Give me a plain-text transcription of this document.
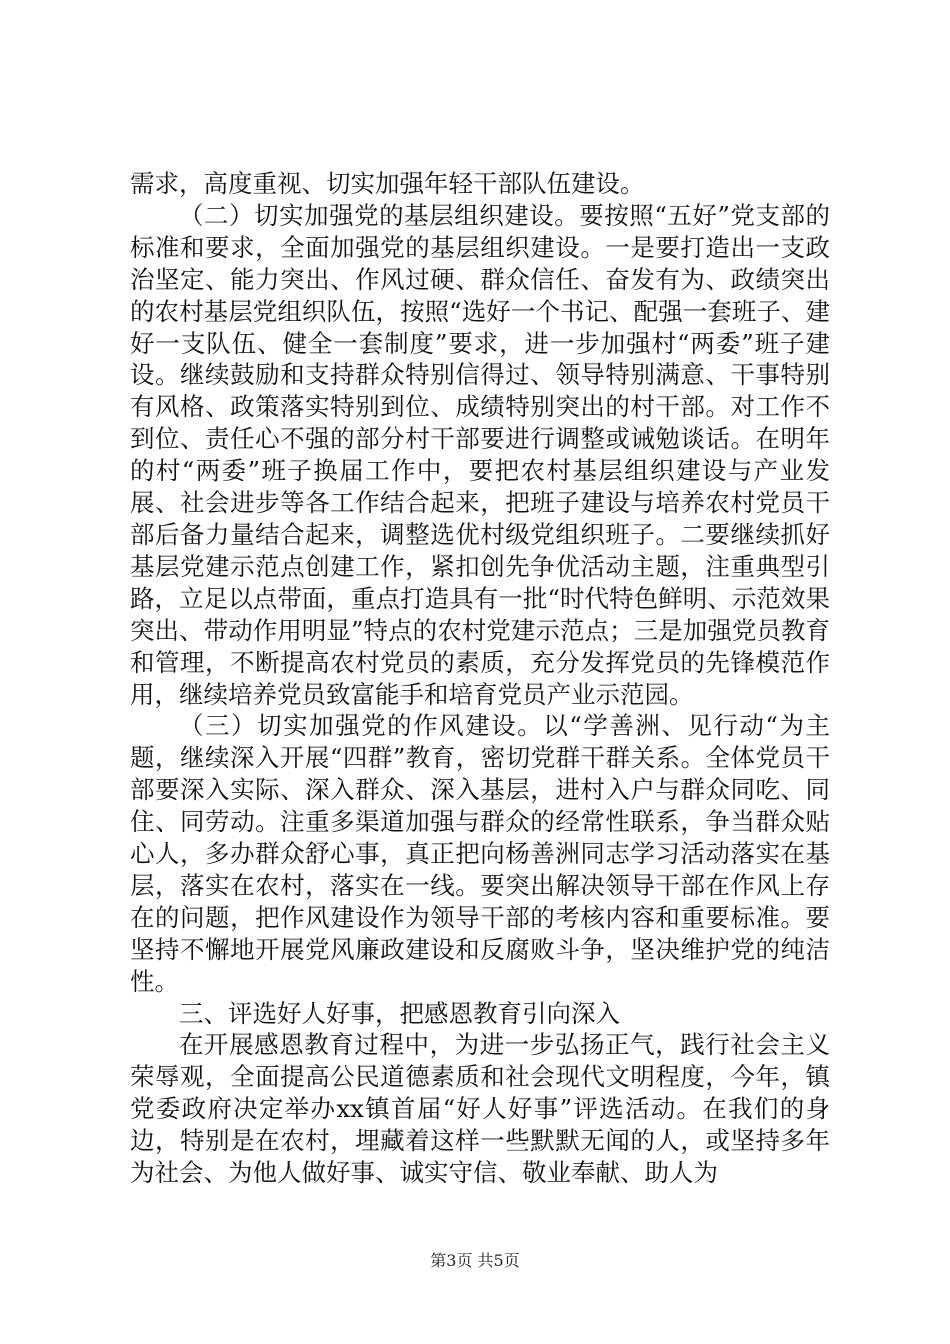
需求，高度重视、切实加强年轻干部队伍建设。

（二）切实加强党的基层组织建设。要按照“五好”党支部的标准和要求，全面加强党的基层组织建设。一是要打造出一支政治坚定、能力突出、作风过硬、群众信任、奋发有为、政绩突出的农村基层党组织队伍，按照“选好一个书记、配强一套班子、建好一支队伍、健全一套制度”要求，进一步加强村“两委”班子建设。继续鼓励和支持群众特别信得过、领导特别满意、干事特别有风格、政策落实特别到位、成绩特别突出的村干部。对工作不到位、责任心不强的部分村干部要进行调整或诫勉谈话。在明年的村“两委”班子换届工作中，要把农村基层组织建设与产业发展、社会进步等各工作结合起来，把班子建设与培养农村党员干部后备力量结合起来，调整选优村级党组织班子。二要继续抓好基层党建示范点创建工作，紧扣创先争优活动主题，注重典型引路，立足以点带面，重点打造具有一批“时代特色鲜明、示范效果突出、带动作用明显”特点的农村党建示范点；三是加强党员教育和管理，不断提高农村党员的素质，充分发挥党员的先锋模范作用，继续培养党员致富能手和培育党员产业示范园。

（三）切实加强党的作风建设。以“学善洲、见行动“为主题，继续深入开展“四群”教育，密切党群干群关系。全体党员干部要深入实际、深入群众、深入基层，进村入户与群众同吃、同住、同劳动。注重多渠道加强与群众的经常性联系，争当群众贴心人，多办群众舒心事，真正把向杨善洲同志学习活动落实在基层，落实在农村，落实在一线。要突出解决领导干部在作风上存在的问题，把作风建设作为领导干部的考核内容和重要标准。要坚持不懈地开展党风廉政建设和反腐败斗争，坚决维护党的纯洁性。

三、评选好人好事，把感恩教育引向深入

在开展感恩教育过程中，为进一步弘扬正气，践行社会主义荣辱观，全面提高公民道德素质和社会现代文明程度，今年，镇党委政府决定举办xx镇首届“好人好事”评选活动。在我们的身边，特别是在农村，埋藏着这样一些默默无闻的人，或坚持多年为社会、为他人做好事、诚实守信、敬业奉献、助人为

第3页 共5页
